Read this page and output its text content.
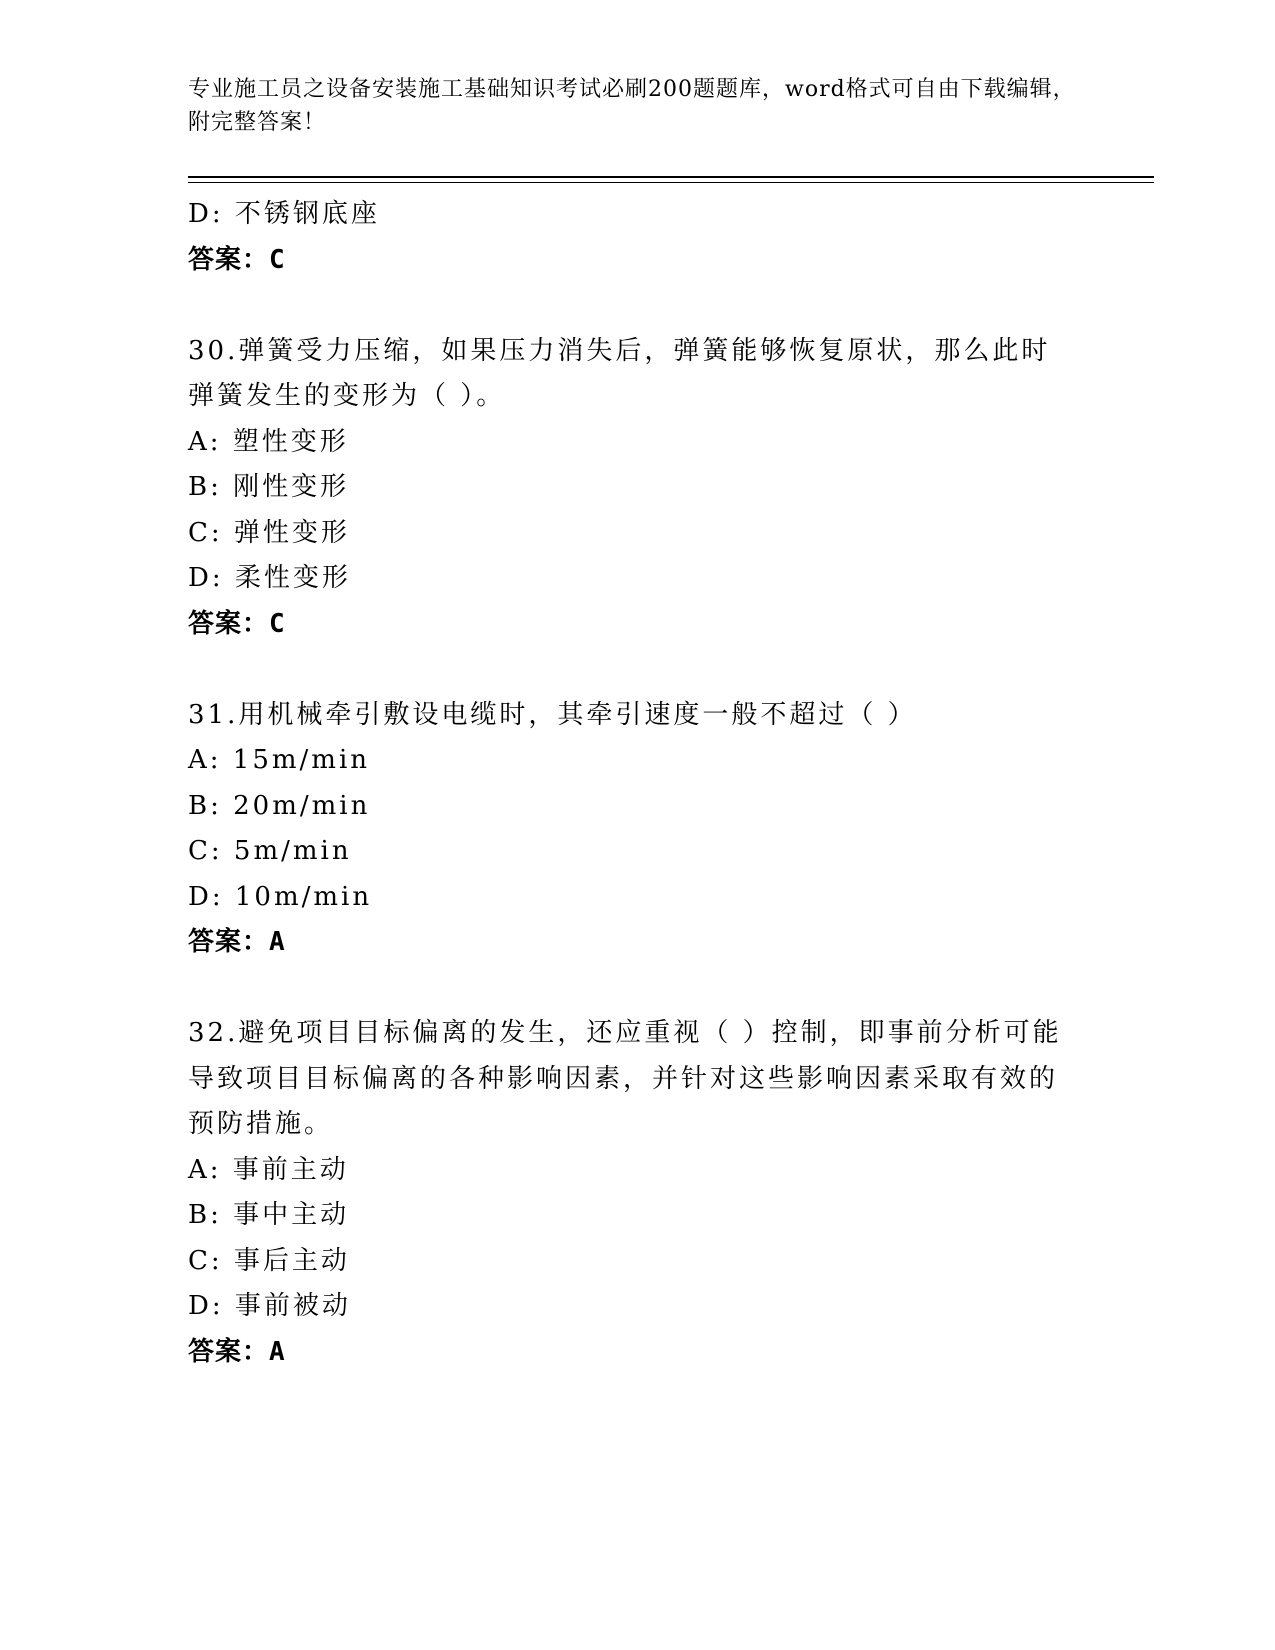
专业施工员之设备安装施工基础知识考试必刷200题题库，word格式可自由下载编辑，附完整答案！
D: 不锈钢底座
答案：C
30.弹簧受力压缩，如果压力消失后，弹簧能够恢复原状，那么此时弹簧发生的变形为（ ）。
A: 塑性变形
B: 刚性变形
C: 弹性变形
D: 柔性变形
答案：C
31.用机械牵引敷设电缆时，其牵引速度一般不超过（ ）
A: 15m/min
B: 20m/min
C: 5m/min
D: 10m/min
答案：A
32.避免项目目标偏离的发生，还应重视（ ）控制，即事前分析可能导致项目目标偏离的各种影响因素，并针对这些影响因素采取有效的预防措施。
A: 事前主动
B: 事中主动
C: 事后主动
D: 事前被动
答案：A
